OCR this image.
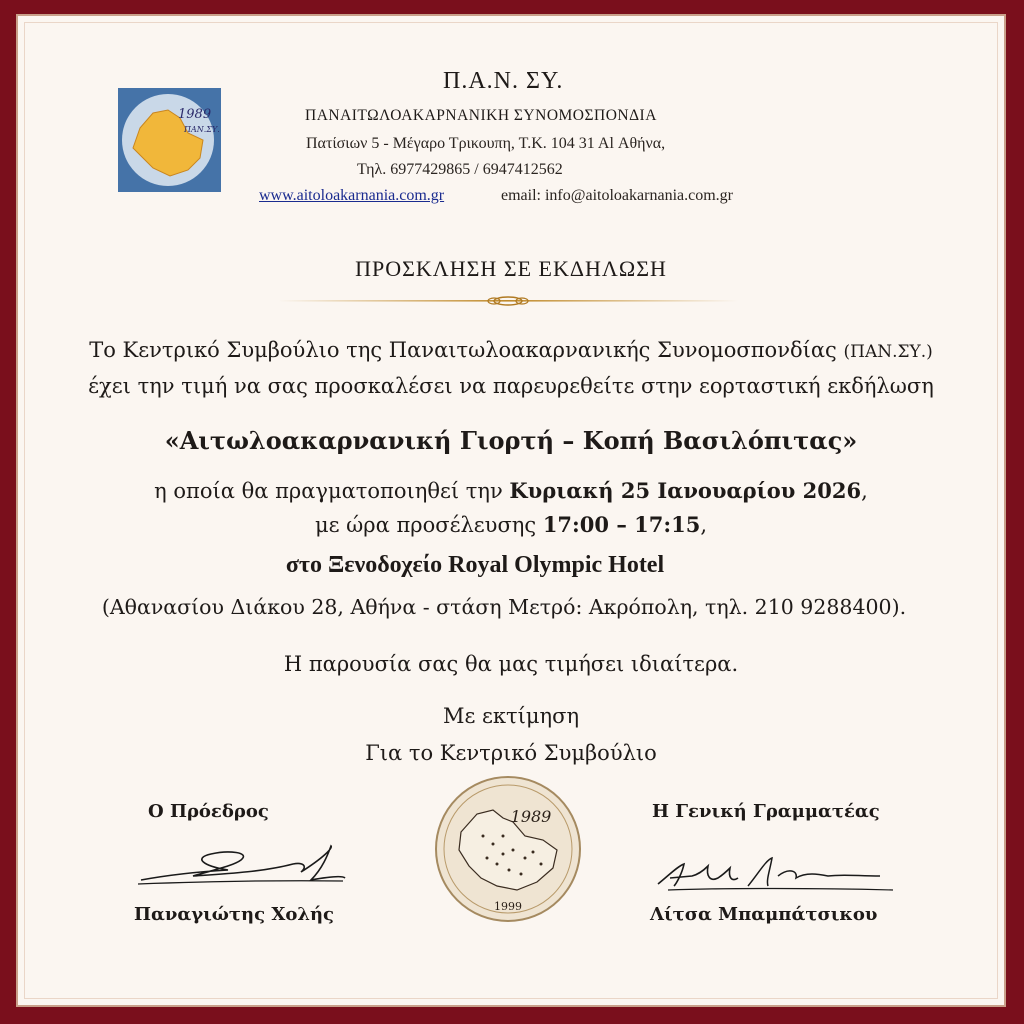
1989
ΠΑΝ.ΣΥ.
Π.Α.Ν. ΣΥ.
ΠΑΝΑΙΤΩΛΟΑΚΑΡΝΑΝΙΚΗ ΣΥΝΟΜΟΣΠΟΝΔΙΑ
Πατίσιων 5 - Μέγαρο Τρικουπη, Τ.Κ. 104 31 Αl Αθήνα,
Τηλ. 6977429865 / 6947412562
www.aitoloakarnania.com.gr	email: info@aitoloakarnania.com.gr
ΠΡΟΣΚΛΗΣΗ ΣΕ ΕΚΔΗΛΩΣΗ
Το Κεντρικό Συμβούλιο της Παναιτωλοακαρνανικής Συνομοσπονδίας (ΠΑΝ.ΣΥ.)
έχει την τιμή να σας προσκαλέσει να παρευρεθείτε στην εορταστική εκδήλωση
«Αιτωλοακαρνανική Γιορτή – Κοπή Βασιλόπιτας»
η οποία θα πραγματοποιηθεί την Κυριακή 25 Ιανουαρίου 2026,
με ώρα προσέλευσης 17:00 – 17:15,
στο Ξενοδοχείο Royal Olympic Hotel
(Αθανασίου Διάκου 28, Αθήνα - στάση Μετρό: Ακρόπολη, τηλ. 210 9288400).
Η παρουσία σας θα μας τιμήσει ιδιαίτερα.
Με εκτίμηση
Για το Κεντρικό Συμβούλιο
Ο Πρόεδρος
Παναγιώτης Χολής
1989
1999
Η Γενική Γραμματέας
Λίτσα Μπαμπάτσικου
